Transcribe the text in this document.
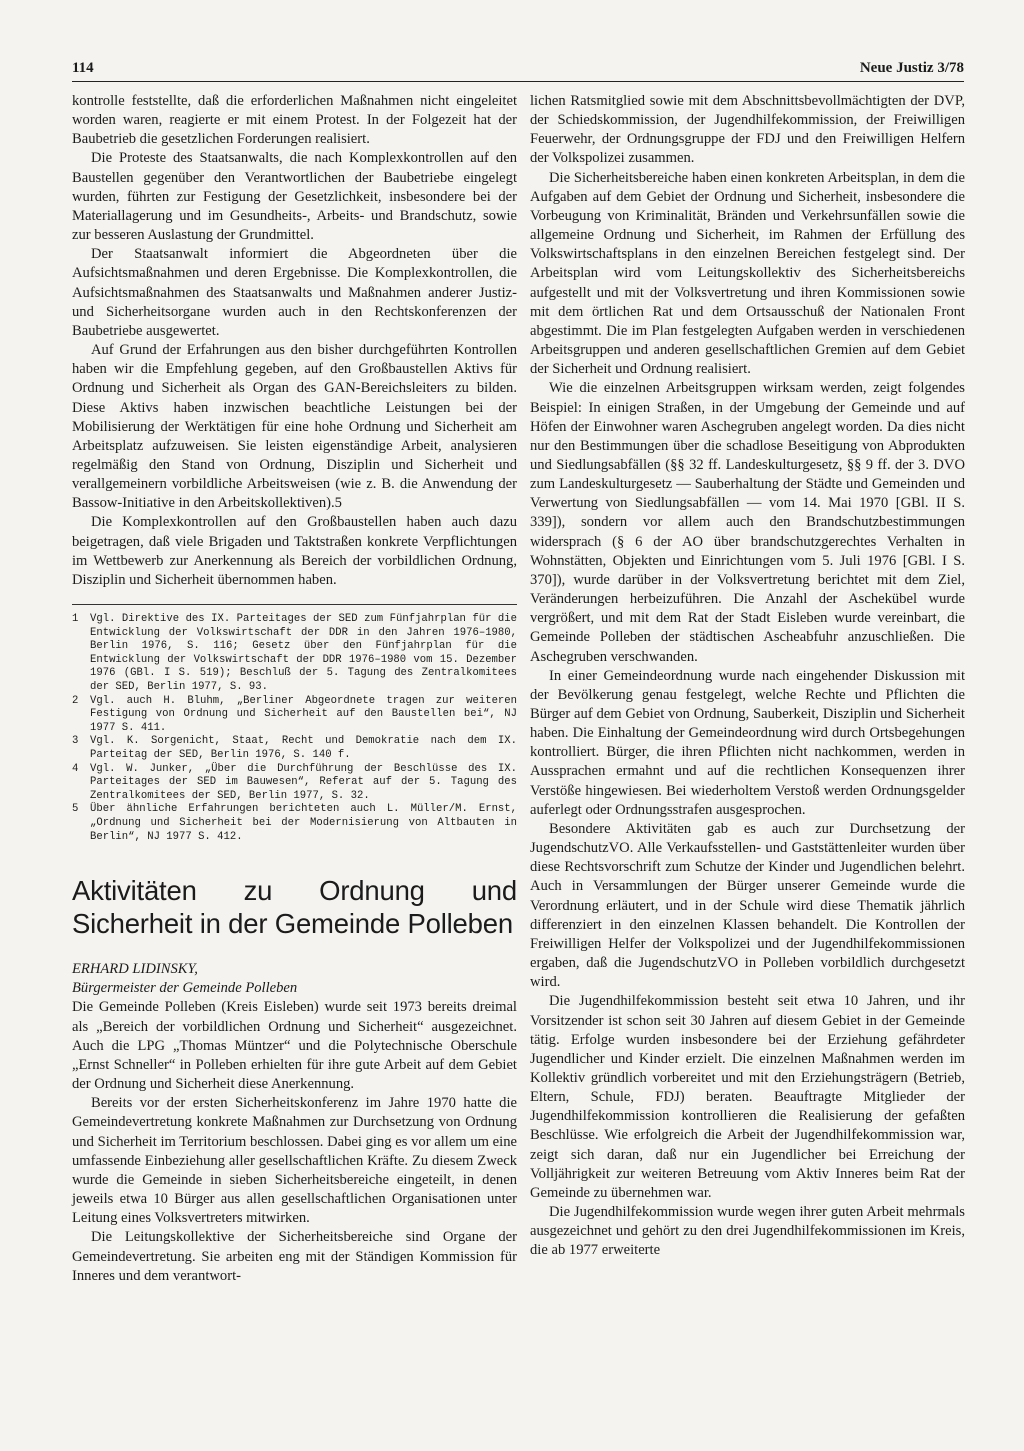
114	Neue Justiz 3/78

kontrolle feststellte, daß die erforderlichen Maßnahmen nicht eingeleitet worden waren, reagierte er mit einem Protest. In der Folgezeit hat der Baubetrieb die gesetzlichen Forderungen realisiert.

Die Proteste des Staatsanwalts, die nach Komplexkontrollen auf den Baustellen gegenüber den Verantwortlichen der Baubetriebe eingelegt wurden, führten zur Festigung der Gesetzlichkeit, insbesondere bei der Materiallagerung und im Gesundheits-, Arbeits- und Brandschutz, sowie zur besseren Auslastung der Grundmittel.

Der Staatsanwalt informiert die Abgeordneten über die Aufsichtsmaßnahmen und deren Ergebnisse. Die Komplexkontrollen, die Aufsichtsmaßnahmen des Staatsanwalts und Maßnahmen anderer Justiz- und Sicherheitsorgane wurden auch in den Rechtskonferenzen der Baubetriebe ausgewertet.

Auf Grund der Erfahrungen aus den bisher durchgeführten Kontrollen haben wir die Empfehlung gegeben, auf den Großbaustellen Aktivs für Ordnung und Sicherheit als Organ des GAN-Bereichsleiters zu bilden. Diese Aktivs haben inzwischen beachtliche Leistungen bei der Mobilisierung der Werktätigen für eine hohe Ordnung und Sicherheit am Arbeitsplatz aufzuweisen. Sie leisten eigenständige Arbeit, analysieren regelmäßig den Stand von Ordnung, Disziplin und Sicherheit und verallgemeinern vorbildliche Arbeitsweisen (wie z. B. die Anwendung der Bassow-Initiative in den Arbeitskollektiven).5

Die Komplexkontrollen auf den Großbaustellen haben auch dazu beigetragen, daß viele Brigaden und Taktstraßen konkrete Verpflichtungen im Wettbewerb zur Anerkennung als Bereich der vorbildlichen Ordnung, Disziplin und Sicherheit übernommen haben.

1	Vgl. Direktive des IX. Parteitages der SED zum Fünfjahrplan für die Entwicklung der Volkswirtschaft der DDR in den Jahren 1976–1980, Berlin 1976, S. 116; Gesetz über den Fünfjahrplan für die Entwicklung der Volkswirtschaft der DDR 1976–1980 vom 15. Dezember 1976 (GBl. I S. 519); Beschluß der 5. Tagung des Zentralkomitees der SED, Berlin 1977, S. 93.
2	Vgl. auch H. Bluhm, „Berliner Abgeordnete tragen zur weiteren Festigung von Ordnung und Sicherheit auf den Baustellen bei“, NJ 1977 S. 411.
3	Vgl. K. Sorgenicht, Staat, Recht und Demokratie nach dem IX. Parteitag der SED, Berlin 1976, S. 140 f.
4	Vgl. W. Junker, „Über die Durchführung der Beschlüsse des IX. Parteitages der SED im Bauwesen“, Referat auf der 5. Tagung des Zentralkomitees der SED, Berlin 1977, S. 32.
5	Über ähnliche Erfahrungen berichteten auch L. Müller/M. Ernst, „Ordnung und Sicherheit bei der Modernisierung von Altbauten in Berlin“, NJ 1977 S. 412.
Aktivitäten zu Ordnung und Sicherheit in der Gemeinde Polleben

ERHARD LIDINSKY,

Bürgermeister der Gemeinde Polleben

Die Gemeinde Polleben (Kreis Eisleben) wurde seit 1973 bereits dreimal als „Bereich der vorbildlichen Ordnung und Sicherheit“ ausgezeichnet. Auch die LPG „Thomas Müntzer“ und die Polytechnische Oberschule „Ernst Schneller“ in Polleben erhielten für ihre gute Arbeit auf dem Gebiet der Ordnung und Sicherheit diese Anerkennung.

Bereits vor der ersten Sicherheitskonferenz im Jahre 1970 hatte die Gemeindevertretung konkrete Maßnahmen zur Durchsetzung von Ordnung und Sicherheit im Territorium beschlossen. Dabei ging es vor allem um eine umfassende Einbeziehung aller gesellschaftlichen Kräfte. Zu diesem Zweck wurde die Gemeinde in sieben Sicherheitsbereiche eingeteilt, in denen jeweils etwa 10 Bürger aus allen gesellschaftlichen Organisationen unter Leitung eines Volksvertreters mitwirken.

Die Leitungskollektive der Sicherheitsbereiche sind Organe der Gemeindevertretung. Sie arbeiten eng mit der Ständigen Kommission für Inneres und dem verantwort-

lichen Ratsmitglied sowie mit dem Abschnittsbevollmächtigten der DVP, der Schiedskommission, der Jugendhilfekommission, der Freiwilligen Feuerwehr, der Ordnungsgruppe der FDJ und den Freiwilligen Helfern der Volkspolizei zusammen.

Die Sicherheitsbereiche haben einen konkreten Arbeitsplan, in dem die Aufgaben auf dem Gebiet der Ordnung und Sicherheit, insbesondere die Vorbeugung von Kriminalität, Bränden und Verkehrsunfällen sowie die allgemeine Ordnung und Sicherheit, im Rahmen der Erfüllung des Volkswirtschaftsplans in den einzelnen Bereichen festgelegt sind. Der Arbeitsplan wird vom Leitungskollektiv des Sicherheitsbereichs aufgestellt und mit der Volksvertretung und ihren Kommissionen sowie mit dem örtlichen Rat und dem Ortsausschuß der Nationalen Front abgestimmt. Die im Plan festgelegten Aufgaben werden in verschiedenen Arbeitsgruppen und anderen gesellschaftlichen Gremien auf dem Gebiet der Sicherheit und Ordnung realisiert.

Wie die einzelnen Arbeitsgruppen wirksam werden, zeigt folgendes Beispiel: In einigen Straßen, in der Umgebung der Gemeinde und auf Höfen der Einwohner waren Aschegruben angelegt worden. Da dies nicht nur den Bestimmungen über die schadlose Beseitigung von Abprodukten und Siedlungsabfällen (§§ 32 ff. Landeskulturgesetz, §§ 9 ff. der 3. DVO zum Landeskulturgesetz — Sauberhaltung der Städte und Gemeinden und Verwertung von Siedlungsabfällen — vom 14. Mai 1970 [GBl. II S. 339]), sondern vor allem auch den Brandschutzbestimmungen widersprach (§ 6 der AO über brandschutzgerechtes Verhalten in Wohnstätten, Objekten und Einrichtungen vom 5. Juli 1976 [GBl. I S. 370]), wurde darüber in der Volksvertretung berichtet mit dem Ziel, Veränderungen herbeizuführen. Die Anzahl der Aschekübel wurde vergrößert, und mit dem Rat der Stadt Eisleben wurde vereinbart, die Gemeinde Polleben der städtischen Ascheabfuhr anzuschließen. Die Aschegruben verschwanden.

In einer Gemeindeordnung wurde nach eingehender Diskussion mit der Bevölkerung genau festgelegt, welche Rechte und Pflichten die Bürger auf dem Gebiet von Ordnung, Sauberkeit, Disziplin und Sicherheit haben. Die Einhaltung der Gemeindeordnung wird durch Ortsbegehungen kontrolliert. Bürger, die ihren Pflichten nicht nachkommen, werden in Aussprachen ermahnt und auf die rechtlichen Konsequenzen ihrer Verstöße hingewiesen. Bei wiederholtem Verstoß werden Ordnungsgelder auferlegt oder Ordnungsstrafen ausgesprochen.

Besondere Aktivitäten gab es auch zur Durchsetzung der JugendschutzVO. Alle Verkaufsstellen- und Gaststättenleiter wurden über diese Rechtsvorschrift zum Schutze der Kinder und Jugendlichen belehrt. Auch in Versammlungen der Bürger unserer Gemeinde wurde die Verordnung erläutert, und in der Schule wird diese Thematik jährlich differenziert in den einzelnen Klassen behandelt. Die Kontrollen der Freiwilligen Helfer der Volkspolizei und der Jugendhilfekommissionen ergaben, daß die JugendschutzVO in Polleben vorbildlich durchgesetzt wird.

Die Jugendhilfekommission besteht seit etwa 10 Jahren, und ihr Vorsitzender ist schon seit 30 Jahren auf diesem Gebiet in der Gemeinde tätig. Erfolge wurden insbesondere bei der Erziehung gefährdeter Jugendlicher und Kinder erzielt. Die einzelnen Maßnahmen werden im Kollektiv gründlich vorbereitet und mit den Erziehungsträgern (Betrieb, Eltern, Schule, FDJ) beraten. Beauftragte Mitglieder der Jugendhilfekommission kontrollieren die Realisierung der gefaßten Beschlüsse. Wie erfolgreich die Arbeit der Jugendhilfekommission war, zeigt sich daran, daß nur ein Jugendlicher bei Erreichung der Volljährigkeit zur weiteren Betreuung vom Aktiv Inneres beim Rat der Gemeinde zu übernehmen war.

Die Jugendhilfekommission wurde wegen ihrer guten Arbeit mehrmals ausgezeichnet und gehört zu den drei Jugendhilfekommissionen im Kreis, die ab 1977 erweiterte
